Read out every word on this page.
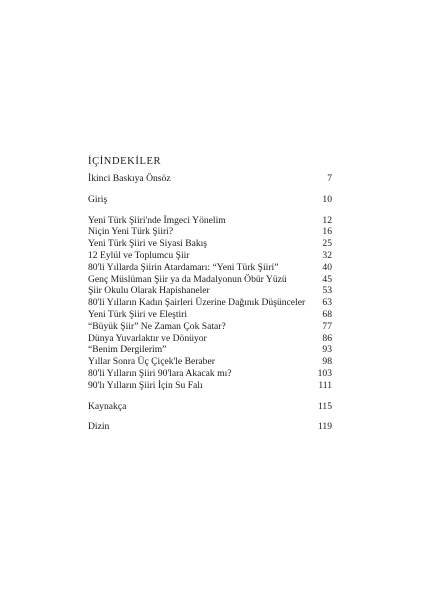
İÇİNDEKİLER
İkinci Baskıya Önsöz	7
Giriş	10
Yeni Türk Şiiri'nde İmgeci Yönelim	12
Niçin Yeni Türk Şiiri?	16
Yeni Türk Şiiri ve Siyasi Bakış	25
12 Eylül ve Toplumcu Şiir	32
80'li Yıllarda Şiirin Atardamarı: “Yeni Türk Şiiri”	40
Genç Müslüman Şiir ya da Madalyonun Öbür Yüzü	45
Şiir Okulu Olarak Hapishaneler	53
80'li Yılların Kadın Şairleri Üzerine Dağınık Düşünceler	63
Yeni Türk Şiiri ve Eleştiri	68
“Büyük Şiir” Ne Zaman Çok Satar?	77
Dünya Yuvarlaktır ve Dönüyor	86
“Benim Dergilerim”	93
Yıllar Sonra Üç Çiçek'le Beraber	98
80'li Yılların Şiiri 90'lara Akacak mı?	103
90'lı Yılların Şiiri İçin Su Falı	111
Kaynakça	115
Dizin	119
